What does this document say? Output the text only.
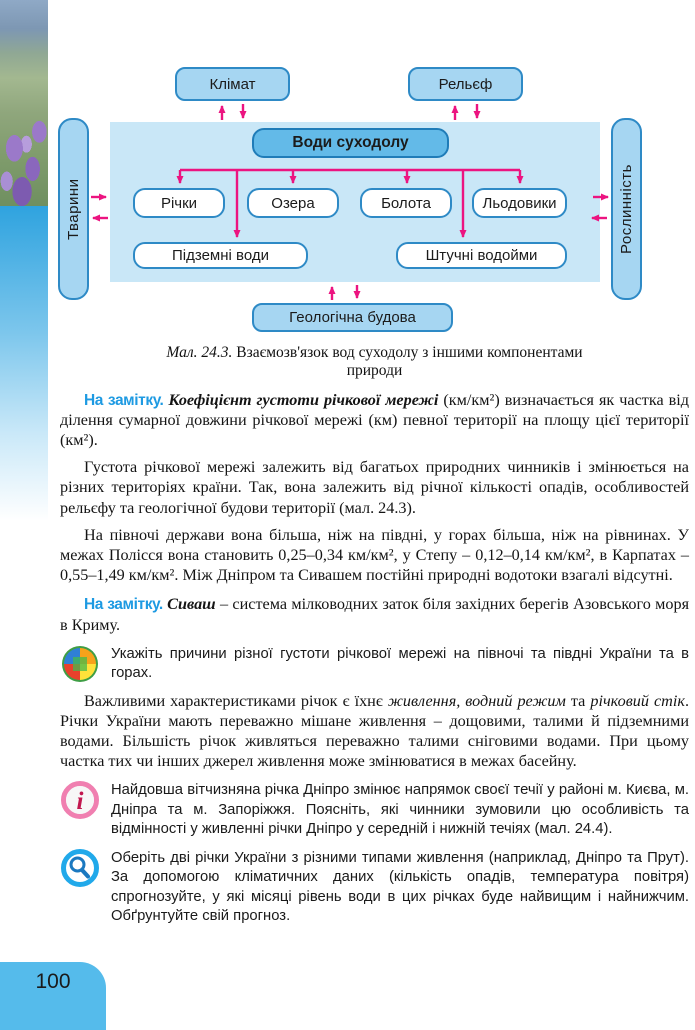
Клімат	Рельєф
Тварини	Рослинність
Води суходолу
Річки	Озера	Болота	Льодовики
Підземні води	Штучні водойми
Геологічна будова
Мал. 24.3. Взаємозв'язок вод суходолу з іншими компонентами природи

На замітку. Коефіцієнт густоти річкової мережі (км/км²) визначається як частка від ділення сумарної довжини річкової мережі (км) певної території на площу цієї території (км²).

Густота річкової мережі залежить від багатьох природних чинників і змінюється на різних територіях країни. Так, вона залежить від річної кількості опадів, особливостей рельєфу та геологічної будови території (мал. 24.3).

На півночі держави вона більша, ніж на півдні, у горах більша, ніж на рівнинах. У межах Полісся вона становить 0,25–0,34 км/км², у Степу – 0,12–0,14 км/км², в Карпатах – 0,55–1,49 км/км². Між Дніпром та Сивашем постійні природні водотоки взагалі відсутні.

На замітку. Сиваш – система мілководних заток біля західних берегів Азовського моря в Криму.

Укажіть причини різної густоти річкової мережі на півночі та півдні України та в горах.

Важливими характеристиками річок є їхнє живлення, водний режим та річковий стік. Річки України мають переважно мішане живлення – дощовими, талими й підземними водами. Більшість річок живляться переважно талими сніговими водами. При цьому частка тих чи інших джерел живлення може змінюватися в межах басейну.

i Найдовша вітчизняна річка Дніпро змінює напрямок своєї течії у районі м. Києва, м. Дніпра та м. Запоріжжя. Поясніть, які чинники зумовили цю особливість та відмінності у живленні річки Дніпро у середній і нижній течіях (мал. 24.4).
Оберіть дві річки України з різними типами живлення (наприклад, Дніпро та Прут). За допомогою кліматичних даних (кількість опадів, температура повітря) спрогнозуйте, у які місяці рівень води в цих річках буде найвищим і найнижчим. Обґрунтуйте свій прогноз.
100
